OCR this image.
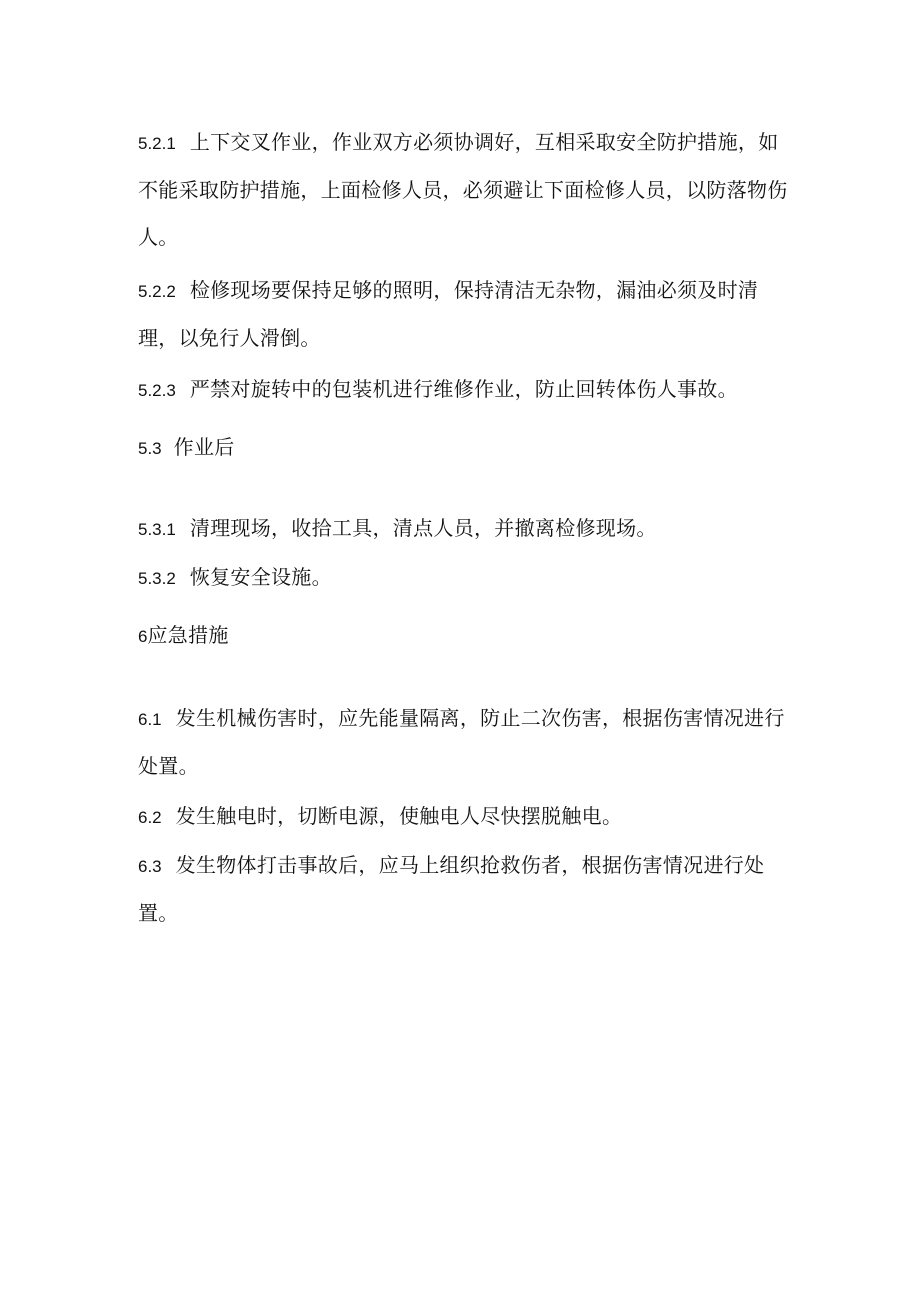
5.2.1 上下交叉作业，作业双方必须协调好，互相采取安全防护措施，如不能采取防护措施，上面检修人员，必须避让下面检修人员，以防落物伤人。

5.2.2 检修现场要保持足够的照明，保持清洁无杂物，漏油必须及时清理，以免行人滑倒。

5.2.3 严禁对旋转中的包装机进行维修作业，防止回转体伤人事故。

5.3 作业后

5.3.1 清理现场，收拾工具，清点人员，并撤离检修现场。

5.3.2 恢复安全设施。

6应急措施

6.1 发生机械伤害时，应先能量隔离，防止二次伤害，根据伤害情况进行处置。

6.2 发生触电时，切断电源，使触电人尽快摆脱触电。

6.3 发生物体打击事故后，应马上组织抢救伤者，根据伤害情况进行处置。
